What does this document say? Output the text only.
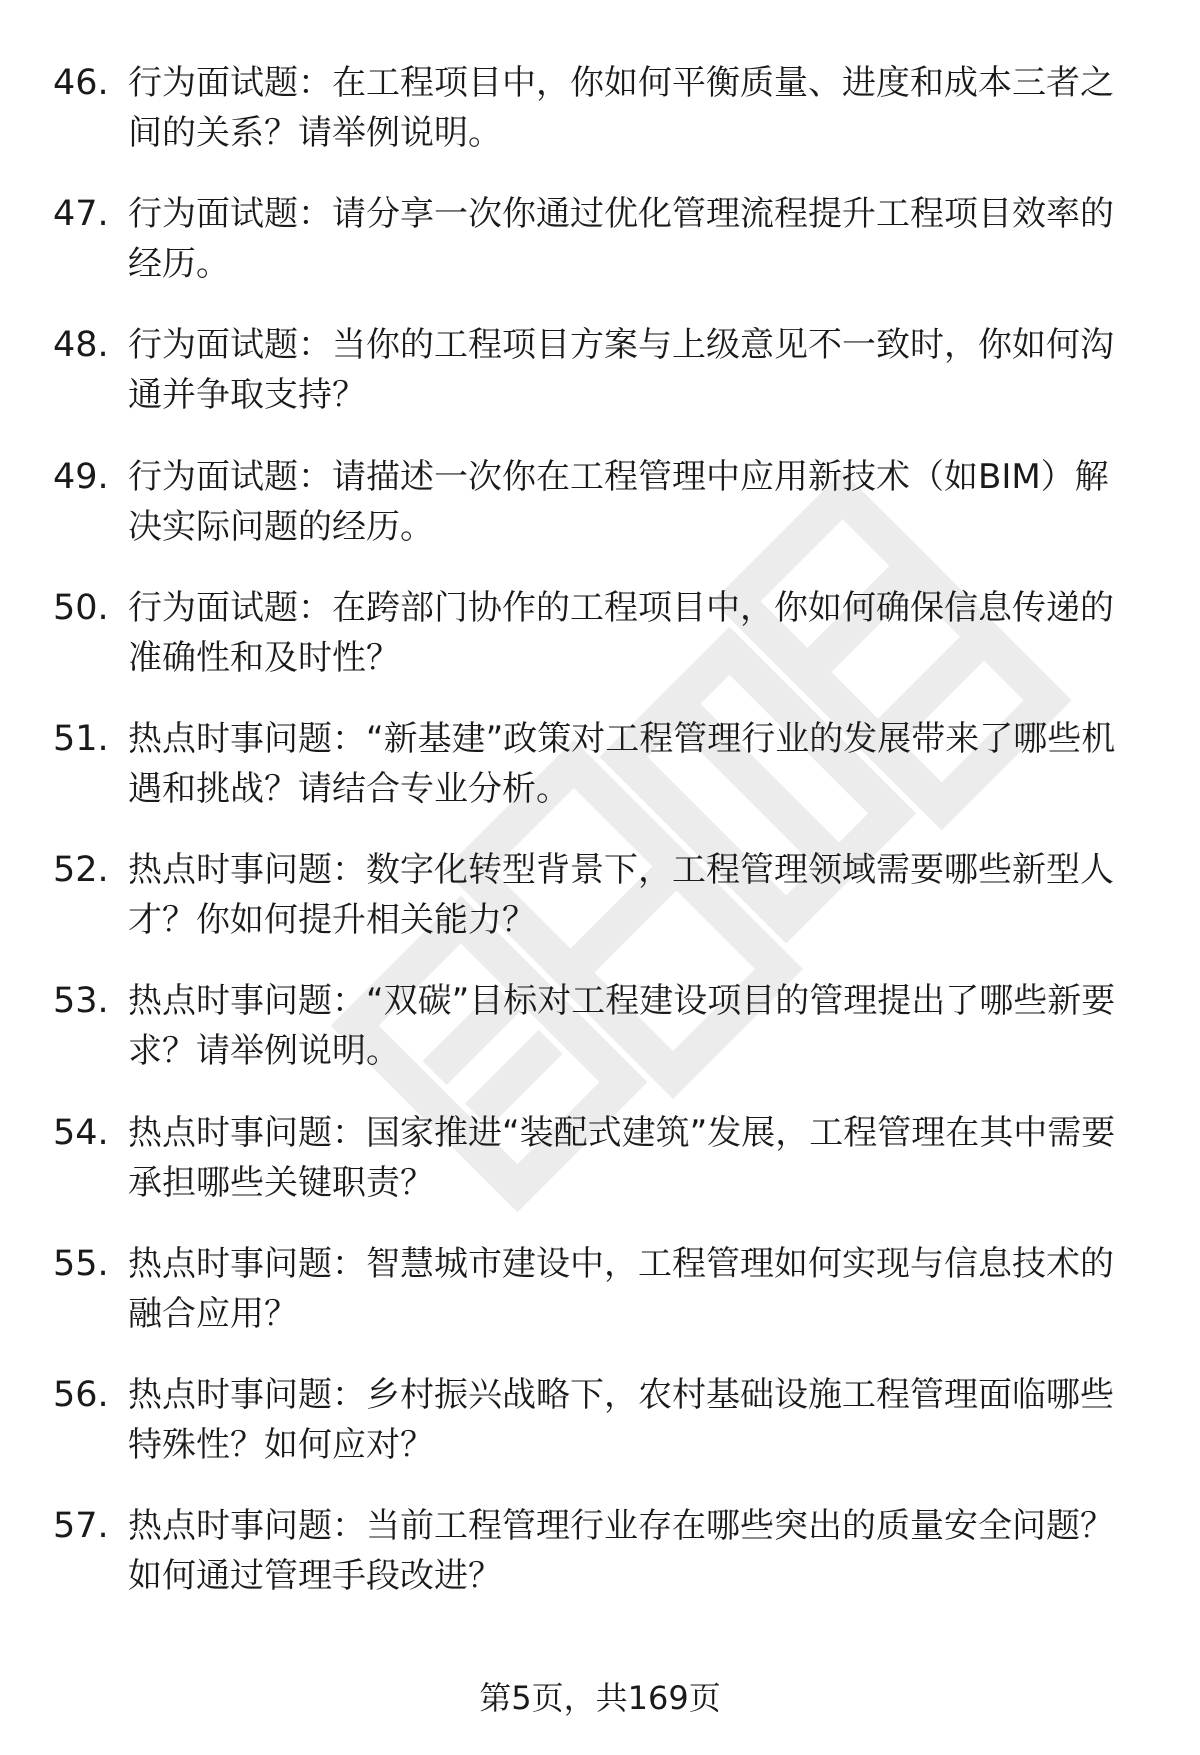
46. 行为面试题：在工程项目中，你如何平衡质量、进度和成本三者之间的关系？请举例说明。
47. 行为面试题：请分享一次你通过优化管理流程提升工程项目效率的经历。
48. 行为面试题：当你的工程项目方案与上级意见不一致时，你如何沟通并争取支持？
49. 行为面试题：请描述一次你在工程管理中应用新技术（如BIM）解决实际问题的经历。
50. 行为面试题：在跨部门协作的工程项目中，你如何确保信息传递的准确性和及时性？
51. 热点时事问题：“新基建”政策对工程管理行业的发展带来了哪些机遇和挑战？请结合专业分析。
52. 热点时事问题：数字化转型背景下，工程管理领域需要哪些新型人才？你如何提升相关能力？
53. 热点时事问题：“双碳”目标对工程建设项目的管理提出了哪些新要求？请举例说明。
54. 热点时事问题：国家推进“装配式建筑”发展，工程管理在其中需要承担哪些关键职责？
55. 热点时事问题：智慧城市建设中，工程管理如何实现与信息技术的融合应用？
56. 热点时事问题：乡村振兴战略下，农村基础设施工程管理面临哪些特殊性？如何应对？
57. 热点时事问题：当前工程管理行业存在哪些突出的质量安全问题？如何通过管理手段改进？
第5页，共169页
